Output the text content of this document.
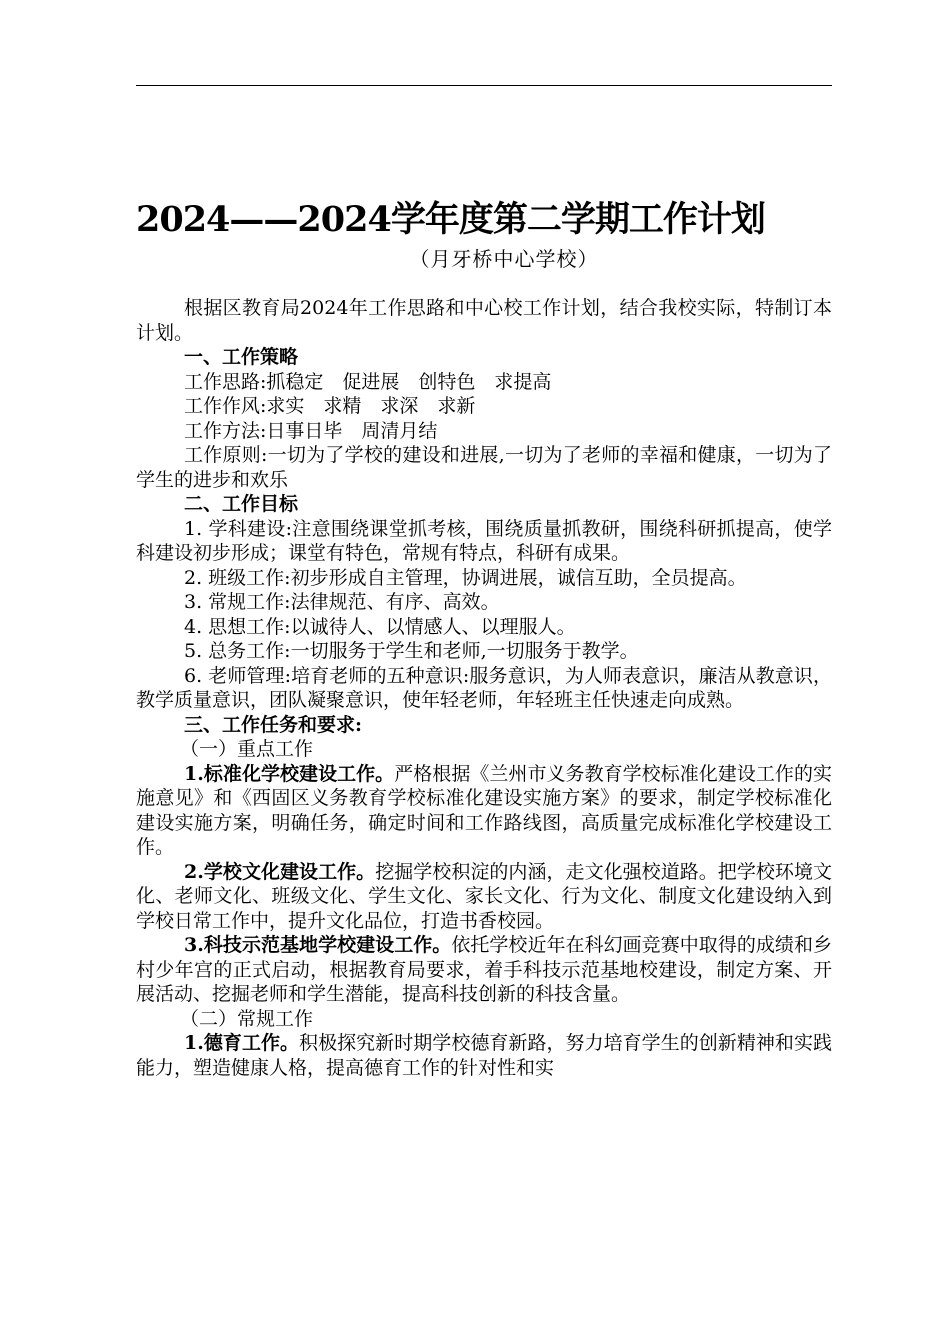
2024——2024学年度第二学期工作计划
（月牙桥中心学校）

根据区教育局2024年工作思路和中心校工作计划，结合我校实际，特制订本计划。

一、工作策略

工作思路:抓稳定　促进展　创特色　求提高

工作作风:求实　求精　求深　求新

工作方法:日事日毕　周清月结

工作原则:一切为了学校的建设和进展,一切为了老师的幸福和健康，一切为了学生的进步和欢乐

二、工作目标

1. 学科建设:注意围绕课堂抓考核，围绕质量抓教研，围绕科研抓提高，使学科建设初步形成；课堂有特色，常规有特点，科研有成果。

2. 班级工作:初步形成自主管理，协调进展，诚信互助，全员提高。

3. 常规工作:法律规范、有序、高效。

4. 思想工作:以诚待人、以情感人、以理服人。

5. 总务工作:一切服务于学生和老师,一切服务于教学。

6. 老师管理:培育老师的五种意识:服务意识，为人师表意识，廉洁从教意识，教学质量意识，团队凝聚意识，使年轻老师，年轻班主任快速走向成熟。

三、工作任务和要求:

（一）重点工作

1.标准化学校建设工作。严格根据《兰州市义务教育学校标准化建设工作的实施意见》和《西固区义务教育学校标准化建设实施方案》的要求，制定学校标准化建设实施方案，明确任务，确定时间和工作路线图，高质量完成标准化学校建设工作。

2.学校文化建设工作。挖掘学校积淀的内涵，走文化强校道路。把学校环境文化、老师文化、班级文化、学生文化、家长文化、行为文化、制度文化建设纳入到学校日常工作中，提升文化品位，打造书香校园。

3.科技示范基地学校建设工作。依托学校近年在科幻画竞赛中取得的成绩和乡村少年宫的正式启动，根据教育局要求，着手科技示范基地校建设，制定方案、开展活动、挖掘老师和学生潜能，提高科技创新的科技含量。

（二）常规工作

1.德育工作。积极探究新时期学校德育新路，努力培育学生的创新精神和实践能力，塑造健康人格，提高德育工作的针对性和实
